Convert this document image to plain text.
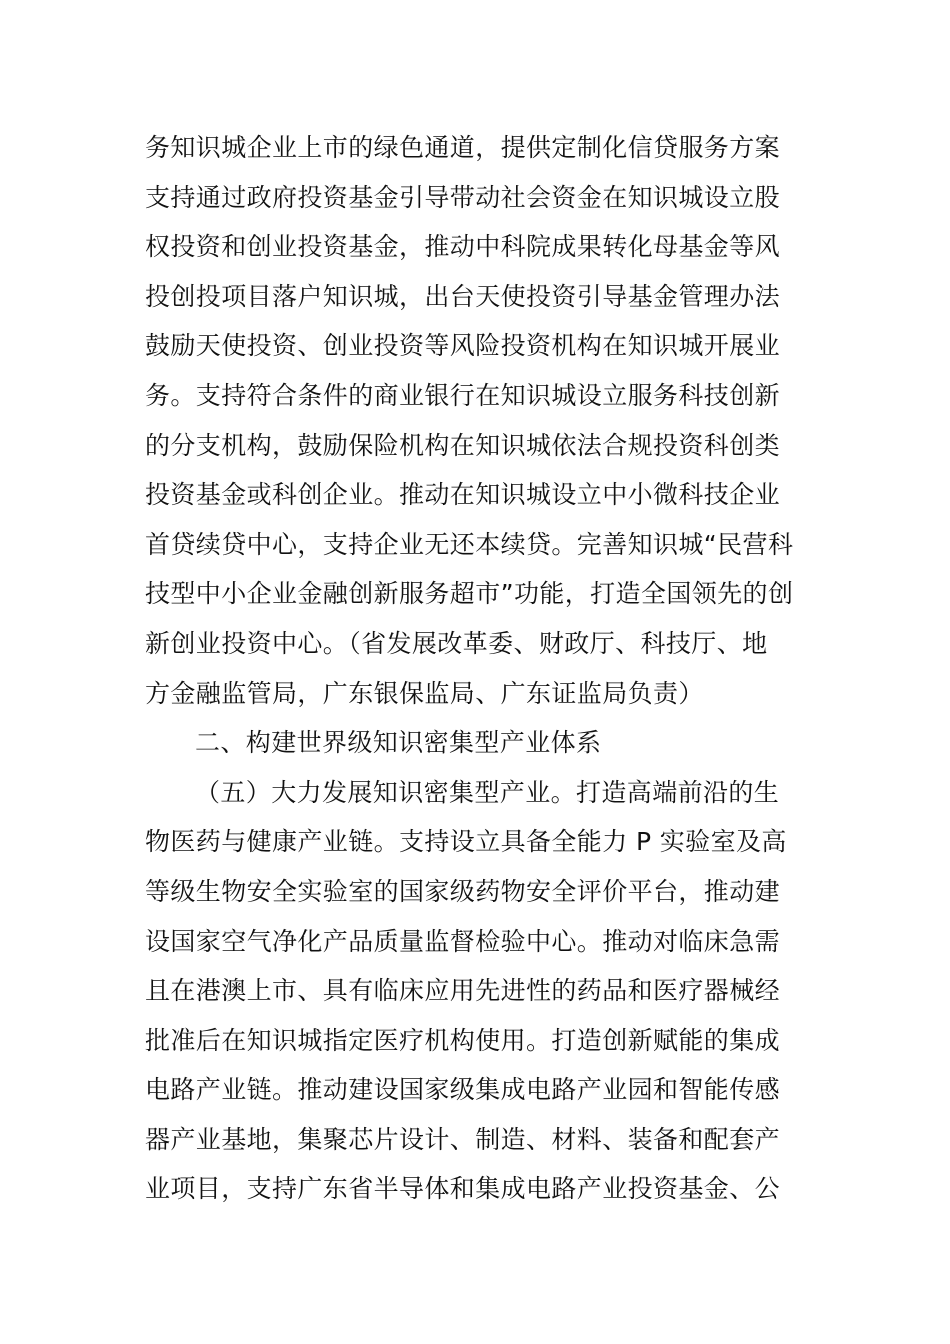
务知识城企业上市的绿色通道，提供定制化信贷服务方案
支持通过政府投资基金引导带动社会资金在知识城设立股
权投资和创业投资基金，推动中科院成果转化母基金等风
投创投项目落户知识城，出台天使投资引导基金管理办法
鼓励天使投资、创业投资等风险投资机构在知识城开展业
务。支持符合条件的商业银行在知识城设立服务科技创新
的分支机构，鼓励保险机构在知识城依法合规投资科创类
投资基金或科创企业。推动在知识城设立中小微科技企业
首贷续贷中心，支持企业无还本续贷。完善知识城“民营科
技型中小企业金融创新服务超市”功能，打造全国领先的创
新创业投资中心。（省发展改革委、财政厅、科技厅、地
方金融监管局，广东银保监局、广东证监局负责）
二、构建世界级知识密集型产业体系
（五）大力发展知识密集型产业。打造高端前沿的生
物医药与健康产业链。支持设立具备全能力 P 实验室及高
等级生物安全实验室的国家级药物安全评价平台，推动建
设国家空气净化产品质量监督检验中心。推动对临床急需
且在港澳上市、具有临床应用先进性的药品和医疗器械经
批准后在知识城指定医疗机构使用。打造创新赋能的集成
电路产业链。推动建设国家级集成电路产业园和智能传感
器产业基地，集聚芯片设计、制造、材料、装备和配套产
业项目，支持广东省半导体和集成电路产业投资基金、公
